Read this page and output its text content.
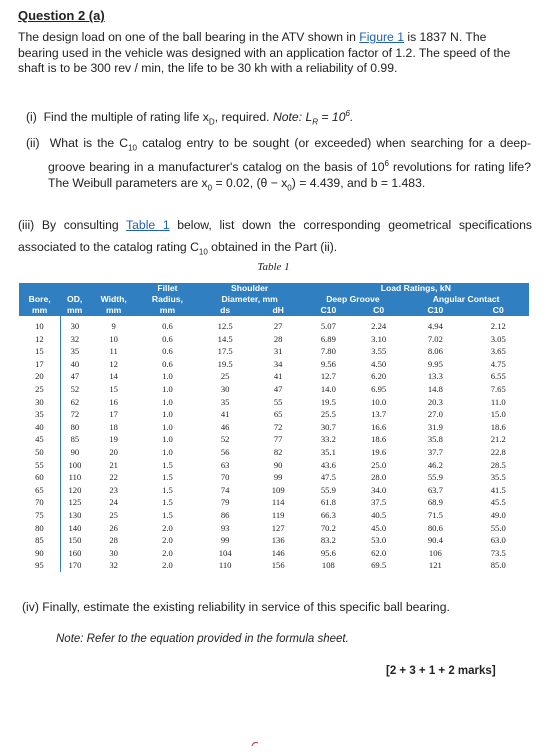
Question 2 (a)
The design load on one of the ball bearing in the ATV shown in Figure 1 is 1837 N. The bearing used in the vehicle was designed with an application factor of 1.2. The speed of the shaft is to be 300 rev / min, the life to be 30 kh with a reliability of 0.99.
(i) Find the multiple of rating life $x_D$, required. Note: $L_R = 10^6$.
(ii) What is the $C_{10}$ catalog entry to be sought (or exceeded) when searching for a deep-groove bearing in a manufacturer's catalog on the basis of $10^6$ revolutions for rating life? The Weibull parameters are $x_0 = 0.02$, $(\theta - x_0) = 4.439$, and b = 1.483.
(iii) By consulting Table 1 below, list down the corresponding geometrical specifications associated to the catalog rating $C_{10}$ obtained in the Part (ii).
Table 1
			Fillet	Shoulder		Load Ratings, kN			
Bore,	OD,	Width,	Radius,	Diameter, mm		Deep Groove		Angular Contact	
mm	mm	mm	mm	ds	dH	C10	C0	C10	C0
10	30	9	0.6	12.5	27	5.07	2.24	4.94	2.12
12	32	10	0.6	14.5	28	6.89	3.10	7.02	3.05
15	35	11	0.6	17.5	31	7.80	3.55	8.06	3.65
17	40	12	0.6	19.5	34	9.56	4.50	9.95	4.75
20	47	14	1.0	25	41	12.7	6.20	13.3	6.55
25	52	15	1.0	30	47	14.0	6.95	14.8	7.65
30	62	16	1.0	35	55	19.5	10.0	20.3	11.0
35	72	17	1.0	41	65	25.5	13.7	27.0	15.0
40	80	18	1.0	46	72	30.7	16.6	31.9	18.6
45	85	19	1.0	52	77	33.2	18.6	35.8	21.2
50	90	20	1.0	56	82	35.1	19.6	37.7	22.8
55	100	21	1.5	63	90	43.6	25.0	46.2	28.5
60	110	22	1.5	70	99	47.5	28.0	55.9	35.5
65	120	23	1.5	74	109	55.9	34.0	63.7	41.5
70	125	24	1.5	79	114	61.8	37.5	68.9	45.5
75	130	25	1.5	86	119	66.3	40.5	71.5	49.0
80	140	26	2.0	93	127	70.2	45.0	80.6	55.0
85	150	28	2.0	99	136	83.2	53.0	90.4	63.0
90	160	30	2.0	104	146	95.6	62.0	106	73.5
95	170	32	2.0	110	156	108	69.5	121	85.0
(iv) Finally, estimate the existing reliability in service of this specific ball bearing.
Note: Refer to the equation provided in the formula sheet.
[2 + 3 + 1 + 2 marks]
